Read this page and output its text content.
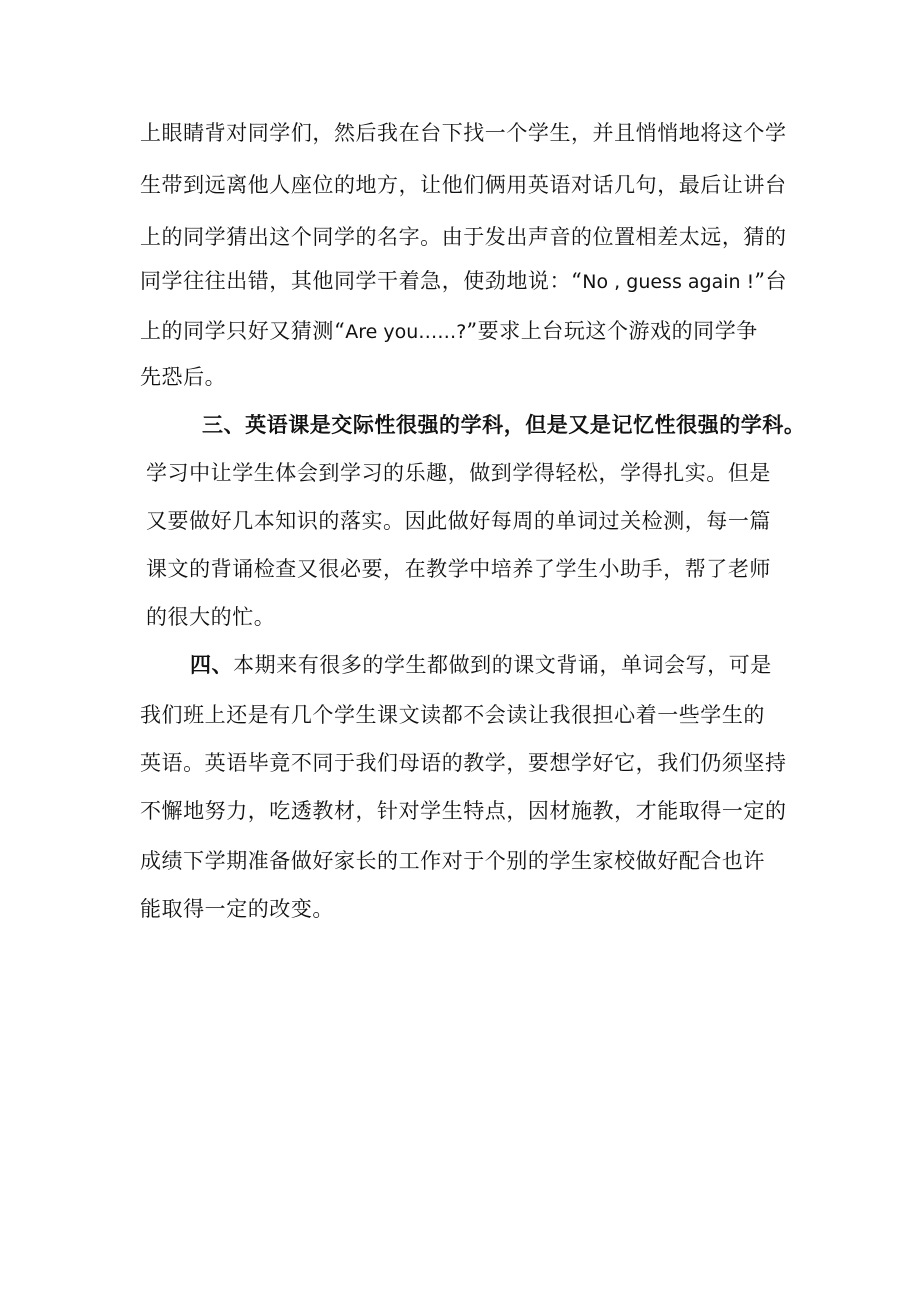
上眼睛背对同学们，然后我在台下找一个学生，并且悄悄地将这个学
生带到远离他人座位的地方，让他们俩用英语对话几句，最后让讲台
上的同学猜出这个同学的名字。由于发出声音的位置相差太远，猜的
同学往往出错，其他同学干着急，使劲地说：“No , guess again !”台
上的同学只好又猜测“Are you……?”要求上台玩这个游戏的同学争
先恐后。
三、英语课是交际性很强的学科，但是又是记忆性很强的学科。
学习中让学生体会到学习的乐趣，做到学得轻松，学得扎实。但是
又要做好几本知识的落实。因此做好每周的单词过关检测，每一篇
课文的背诵检查又很必要，在教学中培养了学生小助手，帮了老师
的很大的忙。
四、本期来有很多的学生都做到的课文背诵，单词会写，可是
我们班上还是有几个学生课文读都不会读让我很担心着一些学生的
英语。英语毕竟不同于我们母语的教学，要想学好它，我们仍须坚持
不懈地努力，吃透教材，针对学生特点，因材施教，才能取得一定的
成绩下学期准备做好家长的工作对于个别的学生家校做好配合也许
能取得一定的改变。
